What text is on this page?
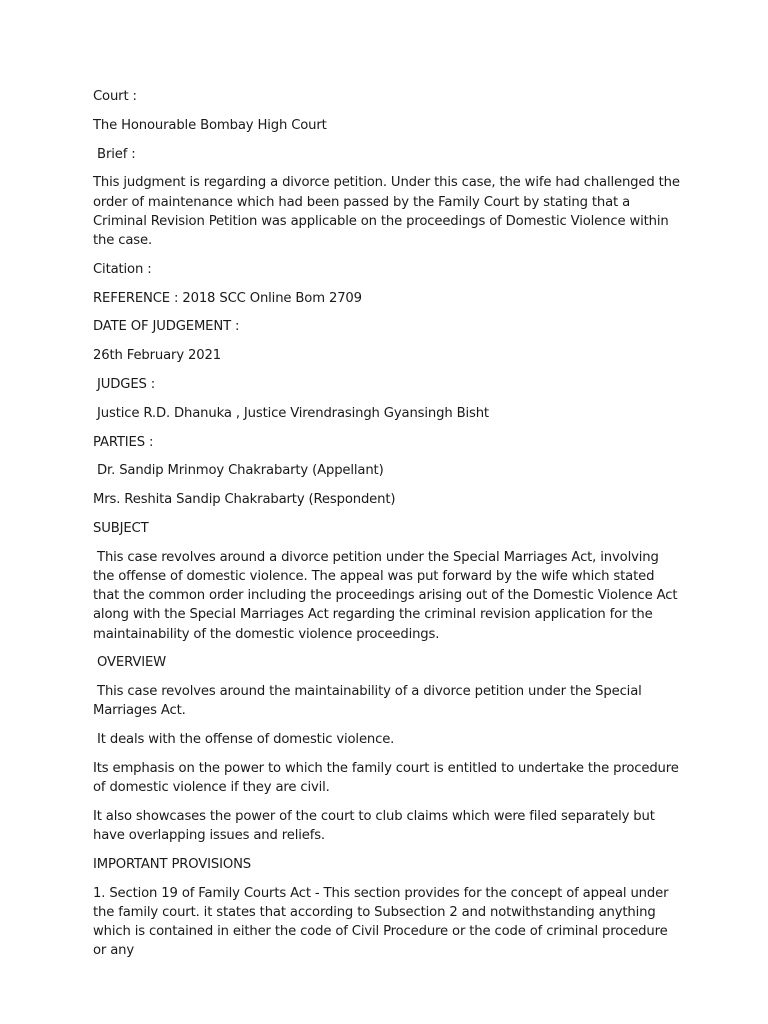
Court :

The Honourable Bombay High Court

Brief :

This judgment is regarding a divorce petition. Under this case, the wife had challenged the order of maintenance which had been passed by the Family Court by stating that a Criminal Revision Petition was applicable on the proceedings of Domestic Violence within the case.

Citation :

REFERENCE : 2018 SCC Online Bom 2709

DATE OF JUDGEMENT :

26th February 2021

JUDGES :

Justice R.D. Dhanuka , Justice Virendrasingh Gyansingh Bisht

PARTIES :

Dr. Sandip Mrinmoy Chakrabarty (Appellant)

Mrs. Reshita Sandip Chakrabarty (Respondent)

SUBJECT

This case revolves around a divorce petition under the Special Marriages Act, involving the offense of domestic violence. The appeal was put forward by the wife which stated that the common order including the proceedings arising out of the Domestic Violence Act along with the Special Marriages Act regarding the criminal revision application for the maintainability of the domestic violence proceedings.

OVERVIEW

This case revolves around the maintainability of a divorce petition under the Special Marriages Act.

It deals with the offense of domestic violence.

Its emphasis on the power to which the family court is entitled to undertake the procedure of domestic violence if they are civil.

It also showcases the power of the court to club claims which were filed separately but have overlapping issues and reliefs.

IMPORTANT PROVISIONS

1. Section 19 of Family Courts Act - This section provides for the concept of appeal under the family court. it states that according to Subsection 2 and notwithstanding anything which is contained in either the code of Civil Procedure or the code of criminal procedure or any
